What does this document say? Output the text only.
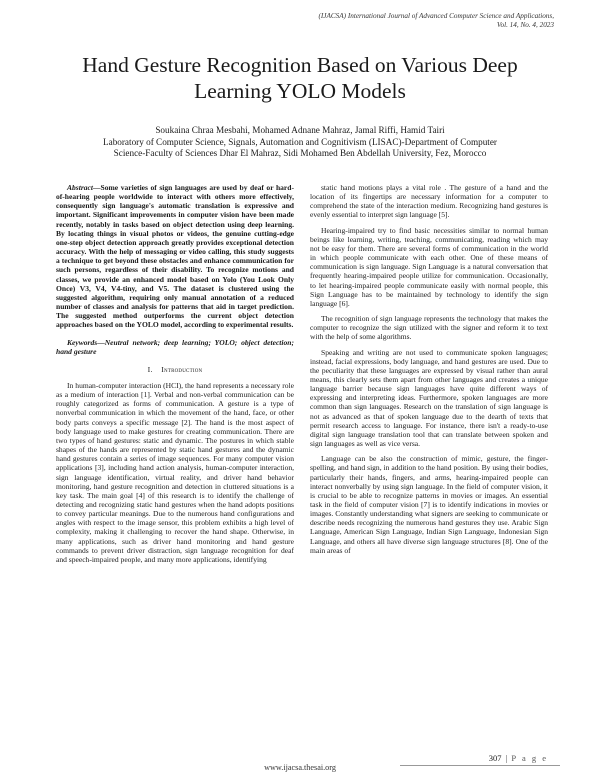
(IJACSA) International Journal of Advanced Computer Science and Applications,
Vol. 14, No. 4, 2023
Hand Gesture Recognition Based on Various Deep
Learning YOLO Models
Soukaina Chraa Mesbahi, Mohamed Adnane Mahraz, Jamal Riffi, Hamid Tairi
Laboratory of Computer Science, Signals, Automation and Cognitivism (LISAC)-Department of Computer
Science-Faculty of Sciences Dhar El Mahraz, Sidi Mohamed Ben Abdellah University, Fez, Morocco

Abstract—Some varieties of sign languages are used by deaf or hard-of-hearing people worldwide to interact with others more effectively, consequently sign language's automatic translation is expressive and important. Significant improvements in computer vision have been made recently, notably in tasks based on object detection using deep learning. By locating things in visual photos or videos, the genuine cutting-edge one-step object detection approach greatly provides exceptional detection accuracy. With the help of messaging or video calling, this study suggests a technique to get beyond these obstacles and enhance communication for such persons, regardless of their disability. To recognize motions and classes, we provide an enhanced model based on Yolo (You Look Only Once) V3, V4, V4-tiny, and V5. The dataset is clustered using the suggested algorithm, requiring only manual annotation of a reduced number of classes and analysis for patterns that aid in target prediction. The suggested method outperforms the current object detection approaches based on the YOLO model, according to experimental results.

Keywords—Neutral network; deep learning; YOLO; object detection; hand gesture

I. Introduction

In human-computer interaction (HCI), the hand represents a necessary role as a medium of interaction [1]. Verbal and non-verbal communication can be roughly categorized as forms of communication. A gesture is a type of nonverbal communication in which the movement of the hand, face, or other body parts conveys a specific message [2]. The hand is the most aspect of body language used to make gestures for creating communication. There are two types of hand gestures: static and dynamic. The postures in which stable shapes of the hands are represented by static hand gestures and the dynamic hand gestures contain a series of image sequences. For many computer vision applications [3], including hand action analysis, human-computer interaction, sign language identification, virtual reality, and driver hand behavior monitoring, hand gesture recognition and detection in cluttered situations is a key task. The main goal [4] of this research is to identify the challenge of detecting and recognizing static hand gestures when the hand adopts positions to convey particular meanings. Due to the numerous hand configurations and angles with respect to the image sensor, this problem exhibits a high level of complexity, making it challenging to recover the hand shape. Otherwise, in many applications, such as driver hand monitoring and hand gesture commands to prevent driver distraction, sign language recognition for deaf and speech-impaired people, and many more applications, identifying

static hand motions plays a vital role . The gesture of a hand and the location of its fingertips are necessary information for a computer to comprehend the state of the interaction medium. Recognizing hand gestures is evenly essential to interpret sign language [5].

Hearing-impaired try to find basic necessities similar to normal human beings like learning, writing, teaching, communicating, reading which may not be easy for them. There are several forms of communication in the world in which people communicate with each other. One of these means of communication is sign language. Sign Language is a natural conversation that frequently hearing-impaired people utilize for communication. Occasionally, to let hearing-impaired people communicate easily with normal people, this Sign Language has to be maintained by technology to identify the sign language [6].

The recognition of sign language represents the technology that makes the computer to recognize the sign utilized with the signer and reform it to text with the help of some algorithms.

Speaking and writing are not used to communicate spoken languages; instead, facial expressions, body language, and hand gestures are used. Due to the peculiarity that these languages are expressed by visual rather than aural means, this clearly sets them apart from other languages and creates a unique language barrier because sign languages have quite different ways of expressing and interpreting ideas. Furthermore, spoken languages are more common than sign languages. Research on the translation of sign language is not as advanced as that of spoken language due to the dearth of texts that permit research access to language. For instance, there isn't a ready-to-use digital sign language translation tool that can translate between spoken and sign languages as well as vice versa.

Language can be also the construction of mimic, gesture, the finger-spelling, and hand sign, in addition to the hand position. By using their bodies, particularly their hands, fingers, and arms, hearing-impaired people can interact nonverbally by using sign language. In the field of computer vision, it is crucial to be able to recognize patterns in movies or images. An essential task in the field of computer vision [7] is to identify indications in movies or images. Constantly understanding what signers are seeking to communicate or describe needs recognizing the numerous hand gestures they use. Arabic Sign Language, American Sign Language, Indian Sign Language, Indonesian Sign Language, and others all have diverse sign language structures [8]. One of the main areas of

307 | P a g e
www.ijacsa.thesai.org
